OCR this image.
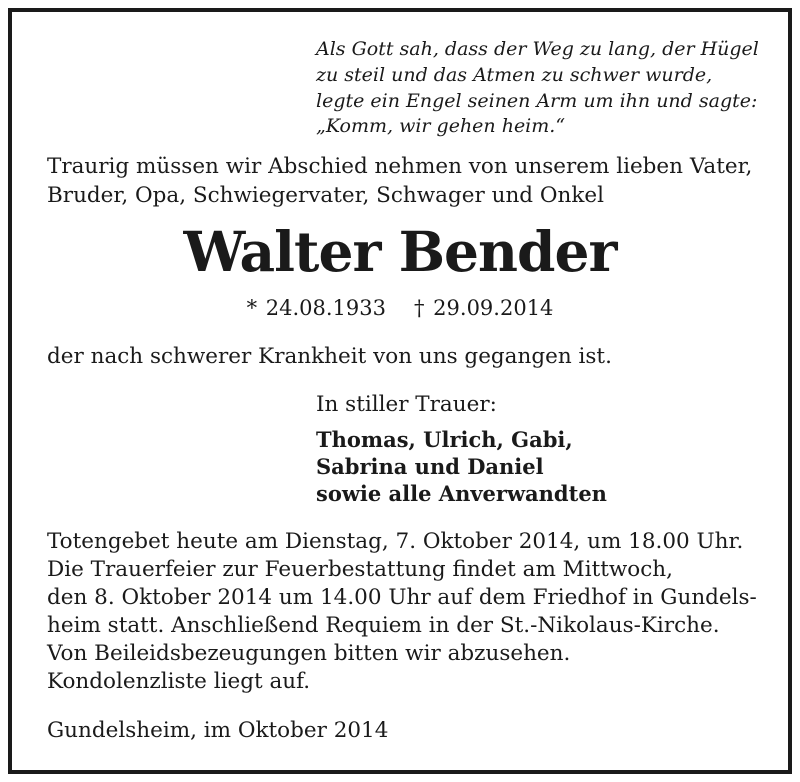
Als Gott sah, dass der Weg zu lang, der Hügel
zu steil und das Atmen zu schwer wurde,
legte ein Engel seinen Arm um ihn und sagte:
„Komm, wir gehen heim.“
Traurig müssen wir Abschied nehmen von unserem lieben Vater,
Bruder, Opa, Schwiegervater, Schwager und Onkel
Walter Bender
* 24.08.1933 † 29.09.2014
der nach schwerer Krankheit von uns gegangen ist.
In stiller Trauer:
Thomas, Ulrich, Gabi,
Sabrina und Daniel
sowie alle Anverwandten
Totengebet heute am Dienstag, 7. Oktober 2014, um 18.00 Uhr.
Die Trauerfeier zur Feuerbestattung findet am Mittwoch,
den 8. Oktober 2014 um 14.00 Uhr auf dem Friedhof in Gundels-
heim statt. Anschließend Requiem in der St.-Nikolaus-Kirche.
Von Beileidsbezeugungen bitten wir abzusehen.
Kondolenzliste liegt auf.
Gundelsheim, im Oktober 2014
